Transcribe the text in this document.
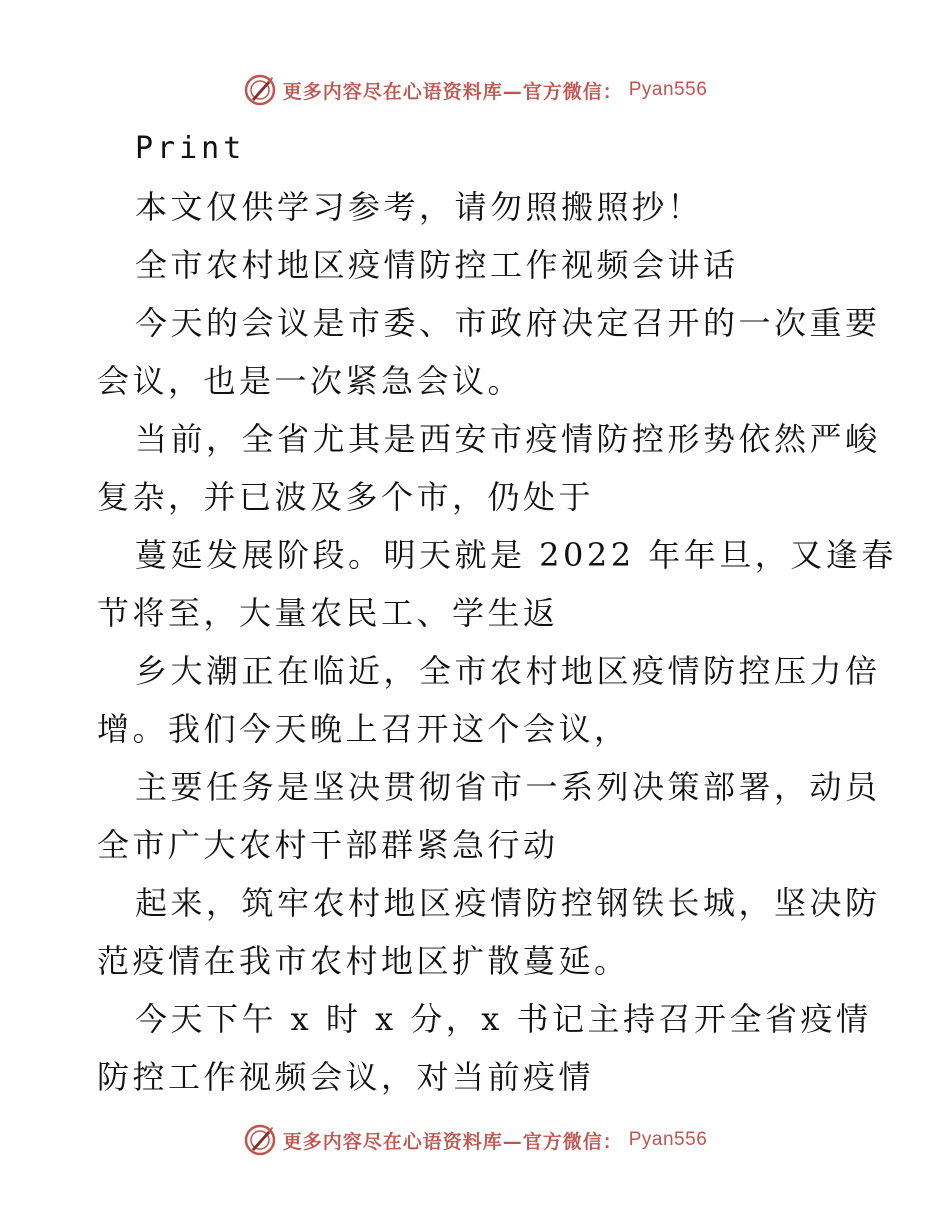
更多内容尽在心语资料库—官方微信： Pyan556
Print
本文仅供学习参考，请勿照搬照抄！
全市农村地区疫情防控工作视频会讲话
今天的会议是市委、市政府决定召开的一次重要
会议，也是一次紧急会议。
当前，全省尤其是西安市疫情防控形势依然严峻
复杂，并已波及多个市，仍处于
蔓延发展阶段。明天就是 2022 年年旦，又逢春
节将至，大量农民工、学生返
乡大潮正在临近，全市农村地区疫情防控压力倍
增。我们今天晚上召开这个会议，
主要任务是坚决贯彻省市一系列决策部署，动员
全市广大农村干部群紧急行动
起来，筑牢农村地区疫情防控钢铁长城，坚决防
范疫情在我市农村地区扩散蔓延。
今天下午 x 时 x 分，x 书记主持召开全省疫情
防控工作视频会议，对当前疫情
更多内容尽在心语资料库—官方微信： Pyan556
